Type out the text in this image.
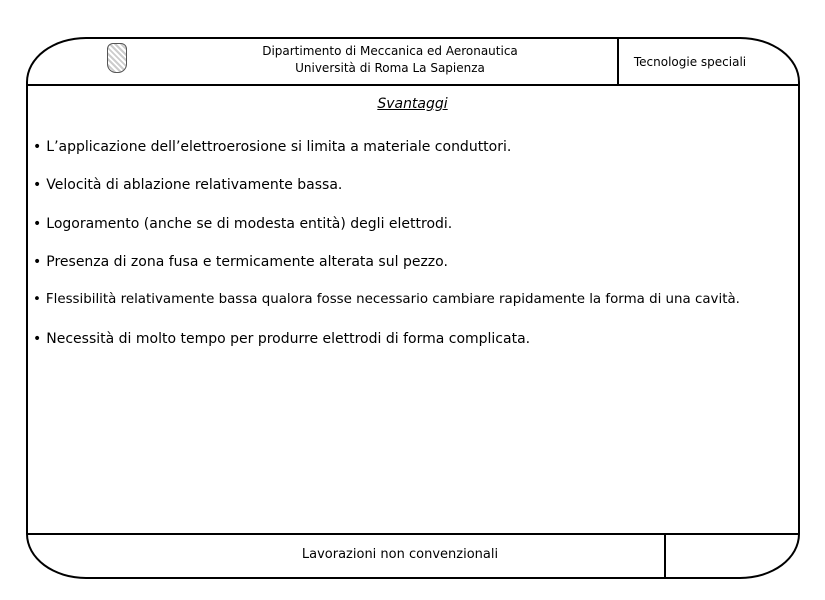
Dipartimento di Meccanica ed Aeronautica
Università di Roma La Sapienza	Tecnologie speciali
Svantaggi
• L’applicazione dell’elettroerosione si limita a materiale conduttori.
• Velocità di ablazione relativamente bassa.
• Logoramento (anche se di modesta entità) degli elettrodi.
• Presenza di zona fusa e termicamente alterata sul pezzo.
• Flessibilità relativamente bassa qualora fosse necessario cambiare rapidamente la forma di una cavità.
• Necessità di molto tempo per produrre elettrodi di forma complicata.
Lavorazioni non convenzionali
